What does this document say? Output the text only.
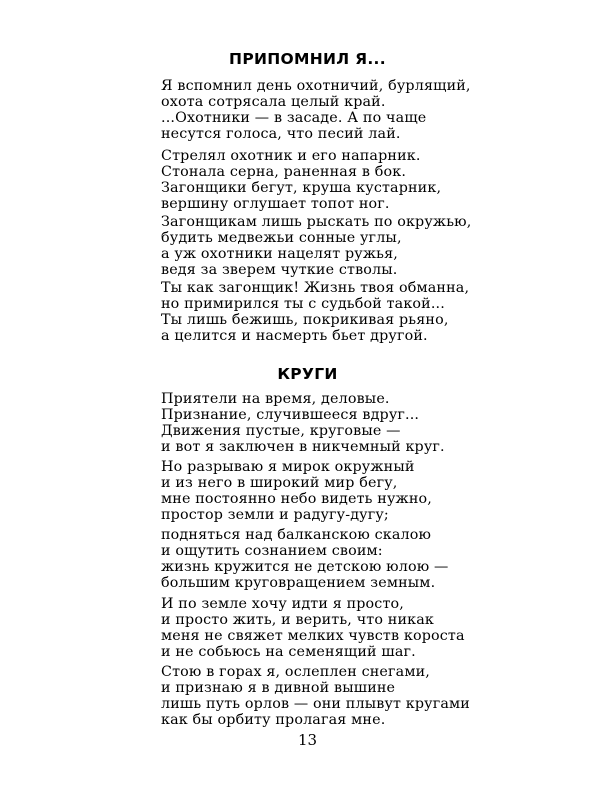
ПРИПОМНИЛ Я...
Я вспомнил день охотничий, бурлящий,
охота сотрясала целый край.
...Охотники — в засаде. А по чаще
несутся голоса, что песий лай.
Стрелял охотник и его напарник.
Стонала серна, раненная в бок.
Загонщики бегут, круша кустарник,
вершину оглушает топот ног.
Загонщикам лишь рыскать по окружью,
будить медвежьи сонные углы,
а уж охотники нацелят ружья,
ведя за зверем чуткие стволы.
Ты как загонщик! Жизнь твоя обманна,
но примирился ты с судьбой такой...
Ты лишь бежишь, покрикивая рьяно,
а целится и насмерть бьет другой.
КРУГИ
Приятели на время, деловые.
Признание, случившееся вдруг...
Движения пустые, круговые —
и вот я заключен в никчемный круг.
Но разрываю я мирок окружный
и из него в широкий мир бегу,
мне постоянно небо видеть нужно,
простор земли и радугу-дугу;
подняться над балканскою скалою
и ощутить сознанием своим:
жизнь кружится не детскою юлою —
большим круговращением земным.
И по земле хочу идти я просто,
и просто жить, и верить, что никак
меня не свяжет мелких чувств короста
и не собьюсь на семенящий шаг.
Стою в горах я, ослеплен снегами,
и признаю я в дивной вышине
лишь путь орлов — они плывут кругами
как бы орбиту пролагая мне.
13
